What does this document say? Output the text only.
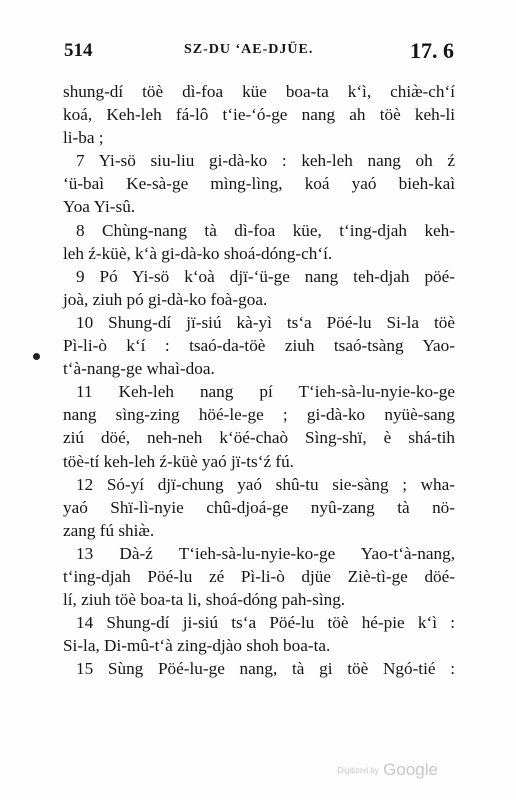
514	SZ-DU ‘AE-DJÜE.	17. 6
shung-dí töè dì-foa küe boa-ta k‘ì, chiæ̀-ch‘í
koá, Keh-leh fá-lô t‘ie-‘ó-ge nang ah töè keh-li
li-ba ;
7 Yi-sö siu-liu gi-dà-ko : keh-leh nang oh ź
‘ü-baì Ke-sà-ge mìng-lìng, koá yaó bieh-kaì
Yoa Yi-sû.
8 Chùng-nang tà dì-foa küe, t‘ing-djah keh-
leh ź-küè, k‘à gi-dà-ko shoá-dóng-ch‘í.
9 Pó Yi-sö k‘oà djï-‘ü-ge nang teh-djah pöé-
joà, ziuh pó gi-dà-ko foà-goa.
10 Shung-dí jï-siú kà-yì ts‘a Pöé-lu Si-la töè
Pì-li-ò k‘í : tsaó-da-töè ziuh tsaó-tsàng Yao-
t‘à-nang-ge whaì-doa.
11 Keh-leh nang pí T‘ieh-sà-lu-nyie-ko-ge
nang sìng-zing höé-le-ge ; gi-dà-ko nyüè-sang
ziú döé, neh-neh k‘öé-chaò Sìng-shï, è shá-tih
töè-tí keh-leh ź-küè yaó jï-ts‘ź fú.
12 Só-yí djï-chung yaó shû-tu sie-sàng ; wha-
yaó Shï-lì-nyie chû-djoá-ge nyû-zang tà nö-
zang fú shiæ̀.
13 Dà-ź T‘ieh-sà-lu-nyie-ko-ge Yao-t‘à-nang,
t‘ing-djah Pöé-lu zé Pì-li-ò djüe Ziè-tì-ge döé-
lí, ziuh töè boa-ta li, shoá-dóng pah-sìng.
14 Shung-dí ji-siú ts‘a Pöé-lu töè hé-pie k‘ì :
Si-la, Di-mû-t‘à zing-djào shoh boa-ta.
15 Sùng Pöé-lu-ge nang, tà gi töè Ngó-tié :
Digitized by Google
